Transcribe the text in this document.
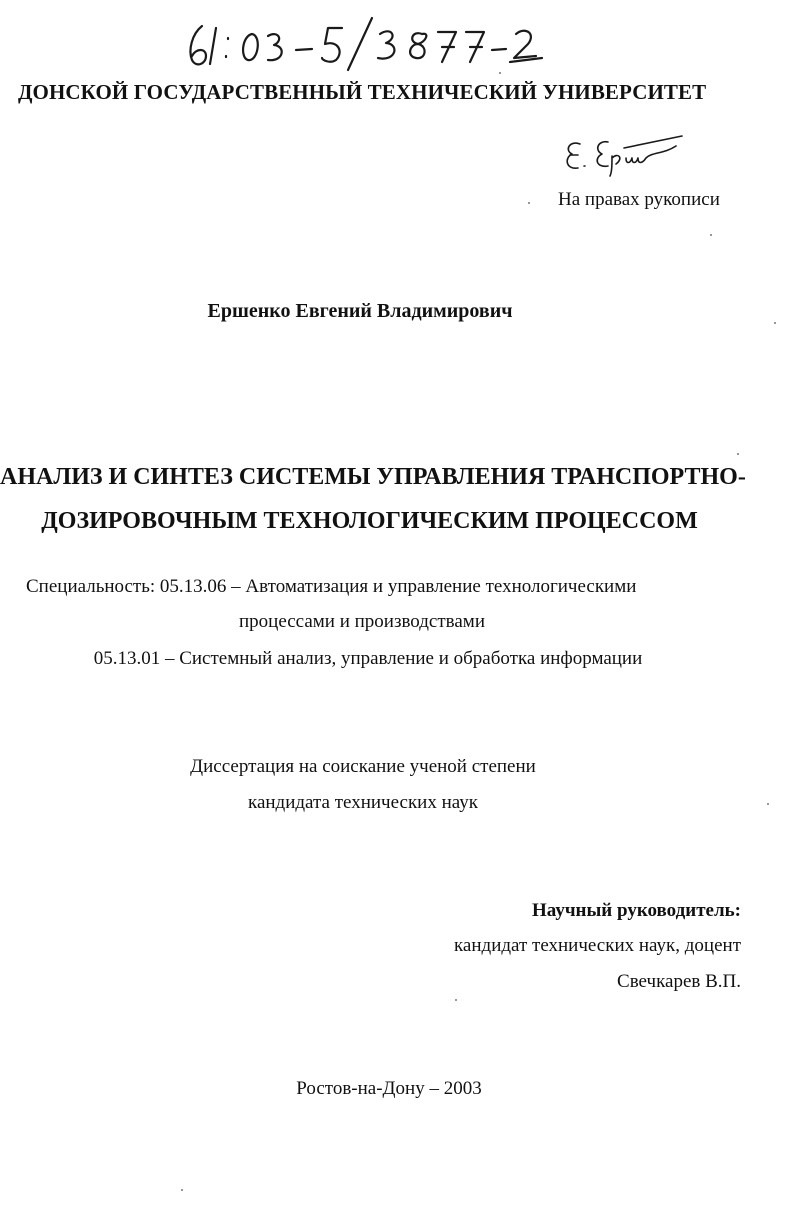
ДОНСКОЙ ГОСУДАРСТВЕННЫЙ ТЕХНИЧЕСКИЙ УНИВЕРСИТЕТ
На правах рукописи
Ершенко Евгений Владимирович
АНАЛИЗ И СИНТЕЗ СИСТЕМЫ УПРАВЛЕНИЯ ТРАНСПОРТНО-
ДОЗИРОВОЧНЫМ ТЕХНОЛОГИЧЕСКИМ ПРОЦЕССОМ
Специальность: 05.13.06 – Автоматизация и управление технологическими
процессами и производствами
05.13.01 – Системный анализ, управление и обработка информации
Диссертация на соискание ученой степени
кандидата технических наук
Научный руководитель:
кандидат технических наук, доцент
Свечкарев В.П.
Ростов-на-Дону – 2003
